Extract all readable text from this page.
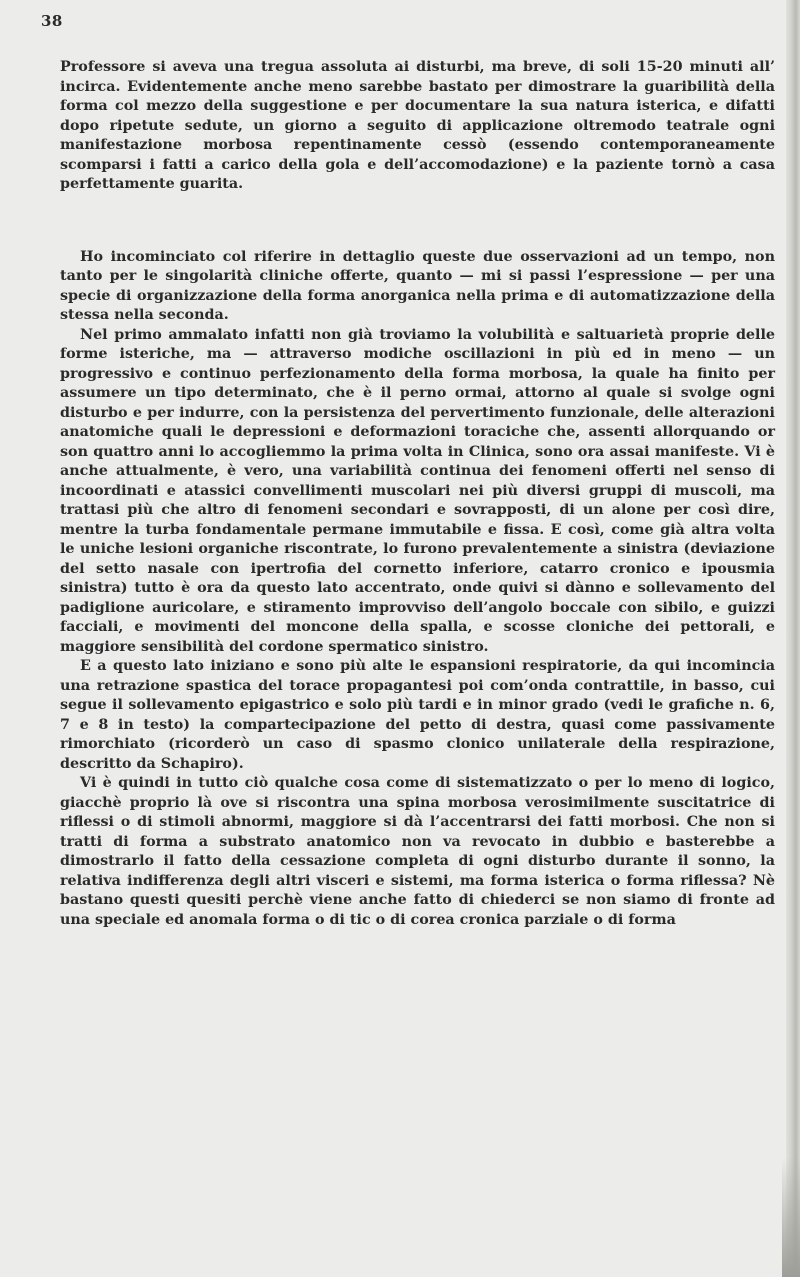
38

Professore si aveva una tregua assoluta ai disturbi, ma breve, di soli 15-20 minuti all’ incirca. Evidentemente anche meno sarebbe bastato per dimostrare la guaribilità della forma col mezzo della suggestione e per documentare la sua natura isterica, e difatti dopo ripetute sedute, un giorno a seguito di applicazione oltremodo teatrale ogni manifestazione morbosa repentinamente cessò (essendo contemporaneamente scomparsi i fatti a carico della gola e dell’accomodazione) e la paziente tornò a casa perfettamente guarita.

Ho incominciato col riferire in dettaglio queste due osservazioni ad un tempo, non tanto per le singolarità cliniche offerte, quanto — mi si passi l’espressione — per una specie di organizzazione della forma anorganica nella prima e di automatizzazione della stessa nella seconda.

Nel primo ammalato infatti non già troviamo la volubilità e saltuarietà proprie delle forme isteriche, ma — attraverso modiche oscillazioni in più ed in meno — un progressivo e continuo perfezionamento della forma morbosa, la quale ha finito per assumere un tipo determinato, che è il perno ormai, attorno al quale si svolge ogni disturbo e per indurre, con la persistenza del pervertimento funzionale, delle alterazioni anatomiche quali le depressioni e deformazioni toraciche che, assenti allorquando or son quattro anni lo accogliemmo la prima volta in Clinica, sono ora assai manifeste. Vi è anche attualmente, è vero, una variabilità continua dei fenomeni offerti nel senso di incoordinati e atassici convellimenti muscolari nei più diversi gruppi di muscoli, ma trattasi più che altro di fenomeni secondari e sovrapposti, di un alone per così dire, mentre la turba fondamentale permane immutabile e fissa. E così, come già altra volta le uniche lesioni organiche riscontrate, lo furono prevalentemente a sinistra (deviazione del setto nasale con ipertrofia del cornetto inferiore, catarro cronico e ipousmia sinistra) tutto è ora da questo lato accentrato, onde quivi si dànno e sollevamento del padiglione auricolare, e stiramento improvviso dell’angolo boccale con sibilo, e guizzi facciali, e movimenti del moncone della spalla, e scosse cloniche dei pettorali, e maggiore sensibilità del cordone spermatico sinistro.

E a questo lato iniziano e sono più alte le espansioni respiratorie, da qui incomincia una retrazione spastica del torace propagantesi poi com’onda contrattile, in basso, cui segue il sollevamento epigastrico e solo più tardi e in minor grado (vedi le grafiche n. 6, 7 e 8 in testo) la compartecipazione del petto di destra, quasi come passivamente rimorchiato (ricorderò un caso di spasmo clonico unilaterale della respirazione, descritto da Schapiro).

Vi è quindi in tutto ciò qualche cosa come di sistematizzato o per lo meno di logico, giacchè proprio là ove si riscontra una spina morbosa verosimilmente suscitatrice di riflessi o di stimoli abnormi, maggiore si dà l’accentrarsi dei fatti morbosi. Che non si tratti di forma a substrato anatomico non va revocato in dubbio e basterebbe a dimostrarlo il fatto della cessazione completa di ogni disturbo durante il sonno, la relativa indifferenza degli altri visceri e sistemi, ma forma isterica o forma riflessa? Nè bastano questi quesiti perchè viene anche fatto di chiederci se non siamo di fronte ad una speciale ed anomala forma o di tic o di corea cronica parziale o di forma
